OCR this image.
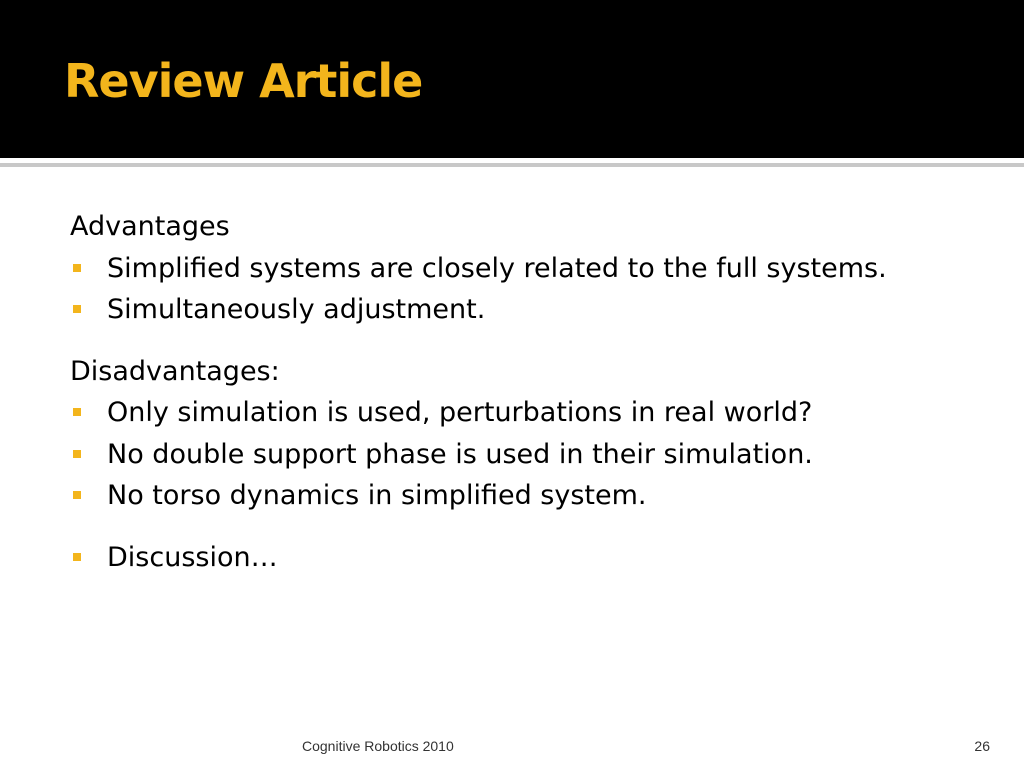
Review Article

Advantages

Simplified systems are closely related to the full systems.
Simultaneously adjustment.

Disadvantages:

Only simulation is used, perturbations in real world?
No double support phase is used in their simulation.
No torso dynamics in simplified system.
Discussion…
Cognitive Robotics 2010	26
